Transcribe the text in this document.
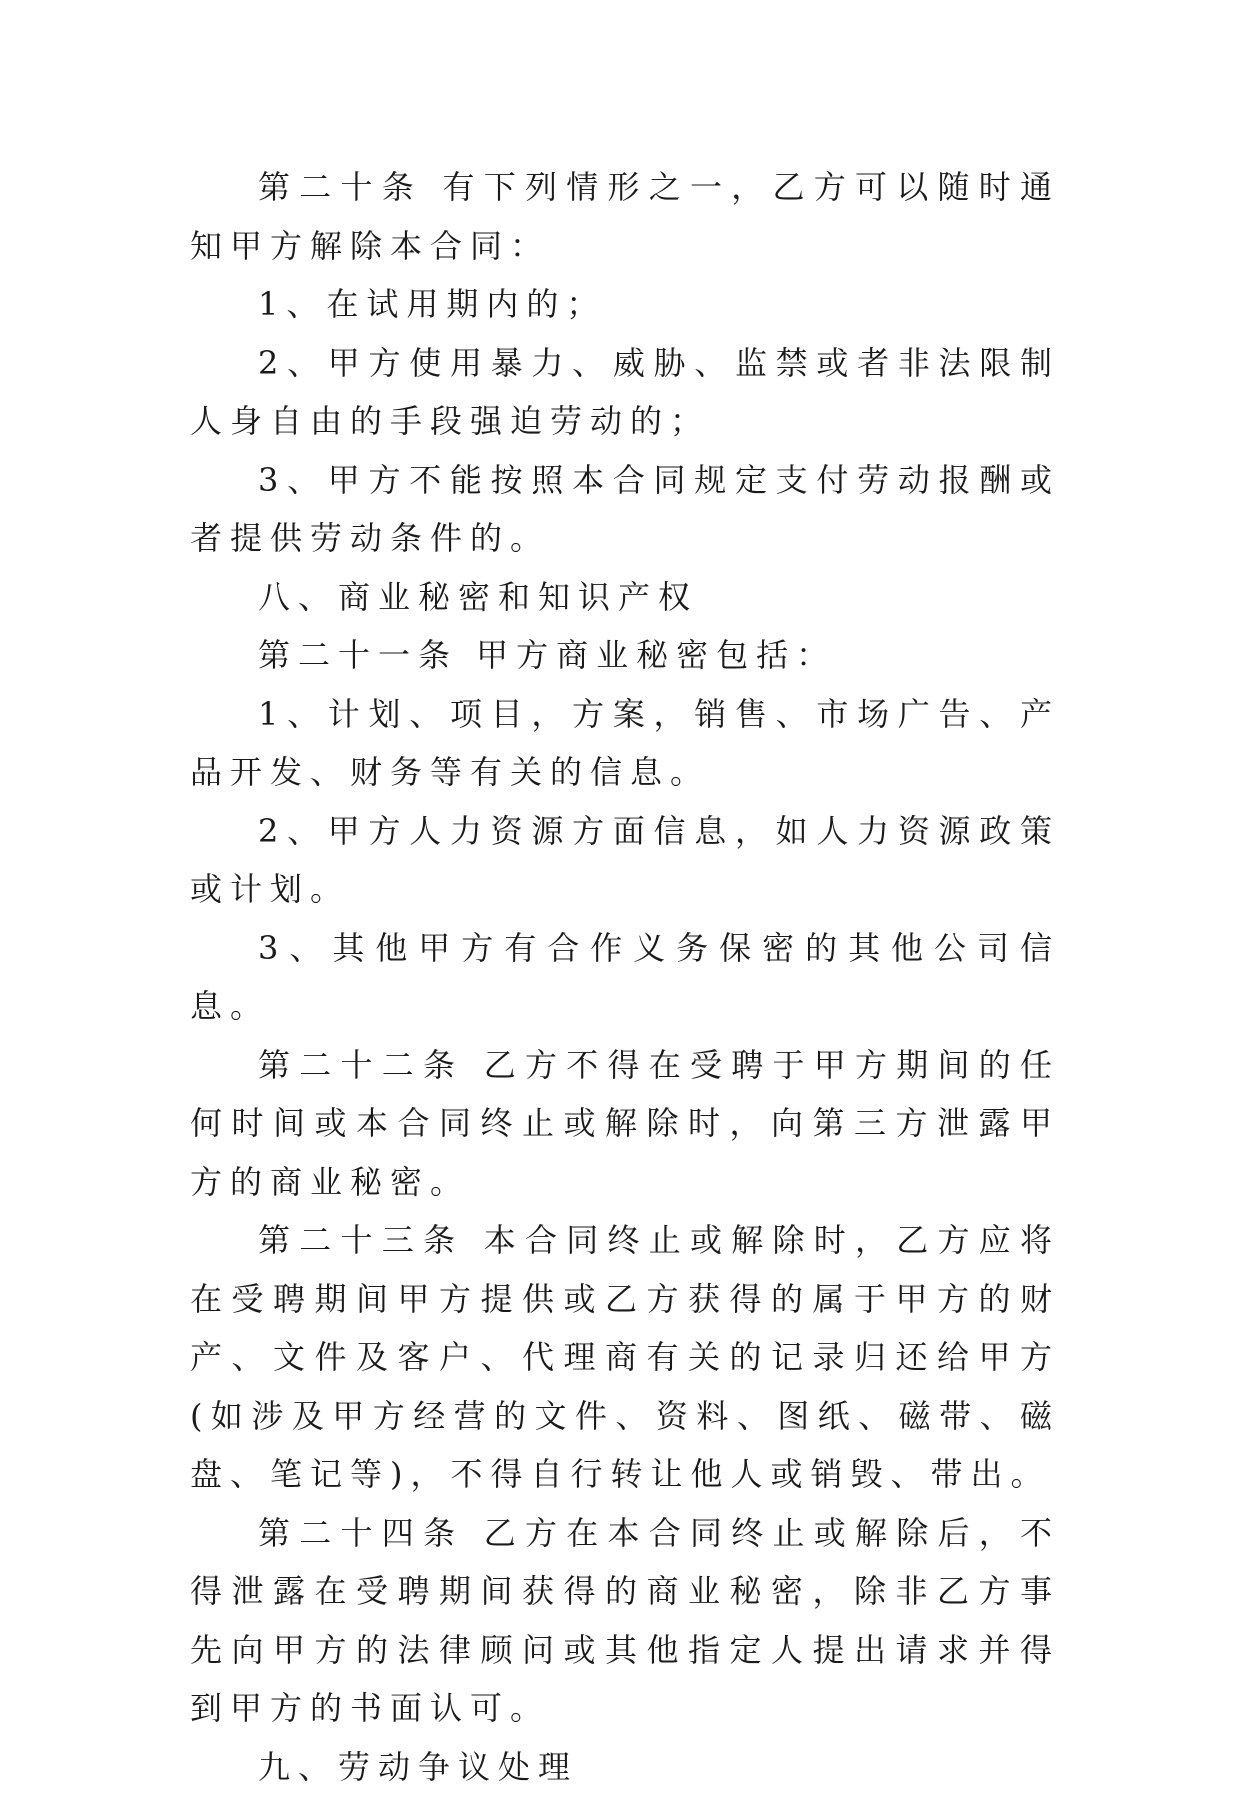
第二十条 有下列情形之一，乙方可以随时通知甲方解除本合同：

1、在试用期内的；

2、甲方使用暴力、威胁、监禁或者非法限制人身自由的手段强迫劳动的；

3、甲方不能按照本合同规定支付劳动报酬或者提供劳动条件的。

八、商业秘密和知识产权

第二十一条 甲方商业秘密包括：

1、计划、项目，方案，销售、市场广告、产品开发、财务等有关的信息。

2、甲方人力资源方面信息，如人力资源政策或计划。

3、其他甲方有合作义务保密的其他公司信息。

第二十二条 乙方不得在受聘于甲方期间的任何时间或本合同终止或解除时，向第三方泄露甲方的商业秘密。

第二十三条 本合同终止或解除时，乙方应将在受聘期间甲方提供或乙方获得的属于甲方的财产、文件及客户、代理商有关的记录归还给甲方(如涉及甲方经营的文件、资料、图纸、磁带、磁盘、笔记等)，不得自行转让他人或销毁、带出。

第二十四条 乙方在本合同终止或解除后，不得泄露在受聘期间获得的商业秘密，除非乙方事先向甲方的法律顾问或其他指定人提出请求并得到甲方的书面认可。

九、劳动争议处理
